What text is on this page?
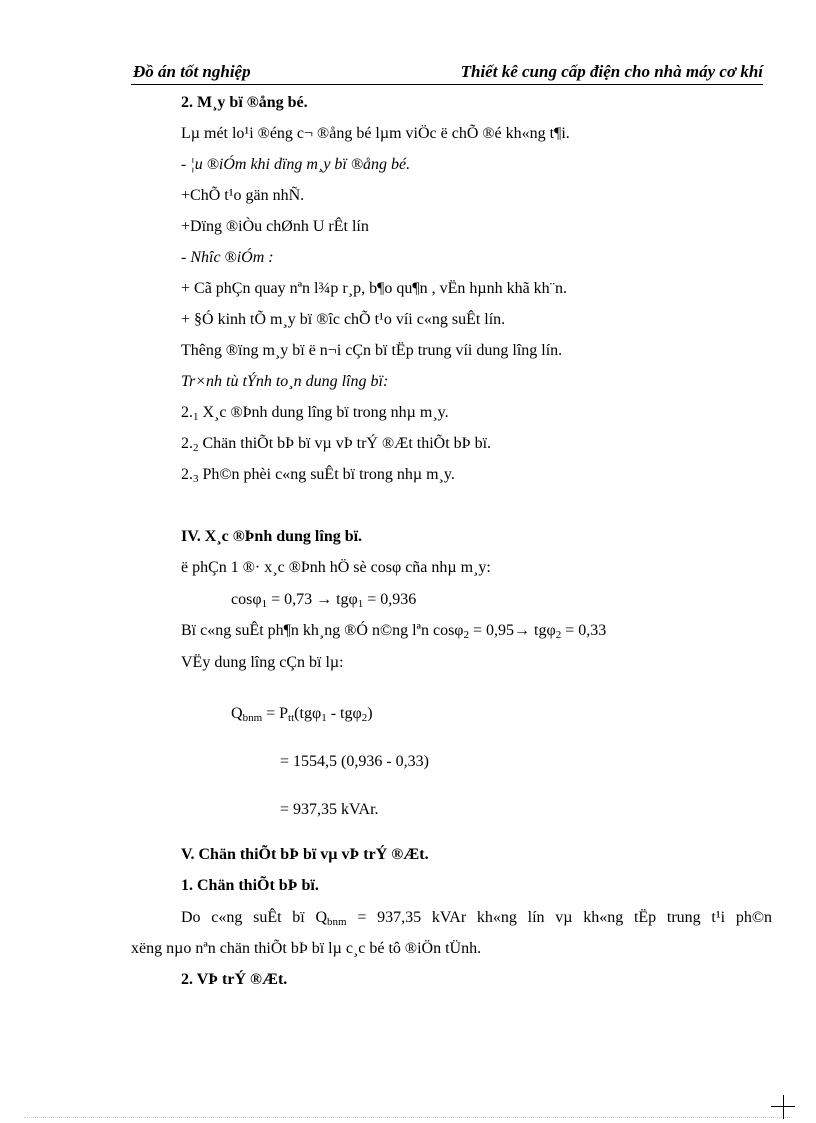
Đồ án tốt nghiệp	Thiết kê cung cấp điện cho nhà máy cơ khí
2. M¸y bï ®ång bé.
Lµ mét lo¹i ®éng c¬ ®ång bé lµm viÖc ë chÕ ®é kh«ng t¶i.
- ¦u ®iÓm khi dïng m¸y bï ®ång bé.
+ChÕ t¹o gän nhÑ.
+Dïng ®iÒu chØnh U rÊt lín
- Nhîc ®iÓm :
+ Cã phÇn quay nªn l¾p r¸p, b¶o qu¶n , vËn hµnh khã kh¨n.
+ §Ó kinh tÕ m¸y bï ®îc chÕ t¹o víi c«ng suÊt lín.
Thêng ®ïng m¸y bï ë n¬i cÇn bï tËp trung víi dung lîng lín.
Tr×nh tù tÝnh to¸n dung lîng bï:
$2._1$ X¸c ®Þnh dung lîng bï trong nhµ m¸y.
$2._2$ Chän thiÕt bÞ bï vµ vÞ trÝ ®Æt thiÕt bÞ bï.
$2._3$ Ph©n phèi c«ng suÊt bï trong nhµ m¸y.
IV. X¸c ®Þnh dung lîng bï.
ë phÇn 1 ®· x¸c ®Þnh hÖ sè cosφ cña nhµ m¸y:
cosφ$_1$ = 0,73 → tgφ$_1$ = 0,936
Bï c«ng suÊt ph¶n kh¸ng ®Ó n©ng lªn cosφ$_2$ = 0,95→ tgφ$_2$ = 0,33
VËy dung lîng cÇn bï lµ:
$Q_{bnm} = P_{tt}(tg\varphi_1 - tg\varphi_2)$
= 1554,5 (0,936 - 0,33)
= 937,35 kVAr.
V. Chän thiÕt bÞ bï vµ vÞ trÝ ®Æt.
1. Chän thiÕt bÞ bï.
Do c«ng suÊt bï $Q_{bnm} = 937,35$ kVAr kh«ng lín vµ kh«ng tËp trung t¹i ph©n
xëng nµo nªn chän thiÕt bÞ bï lµ c¸c bé tô ®iÖn tÜnh.
2. VÞ trÝ ®Æt.
